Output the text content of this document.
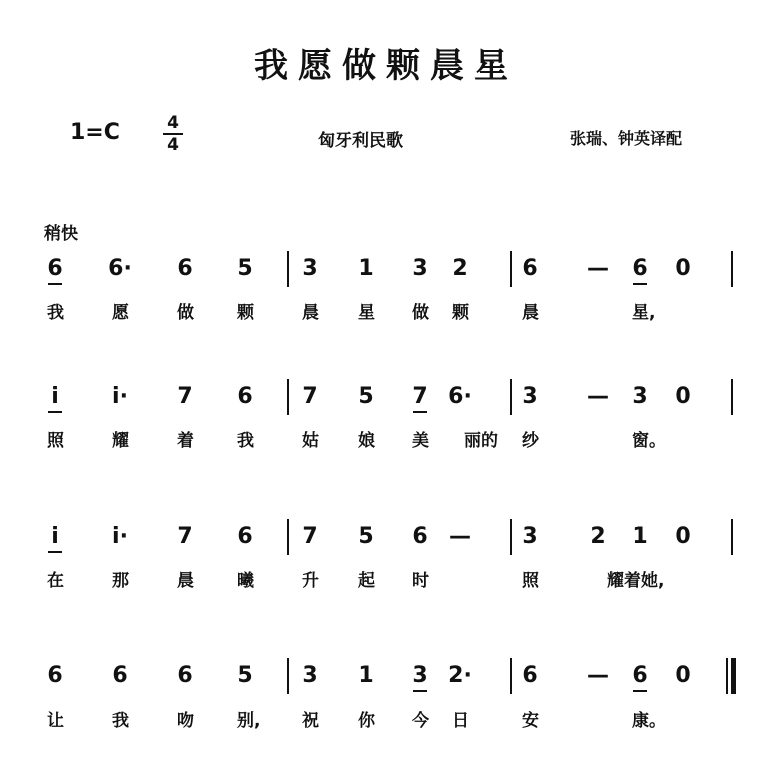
我愿做颗晨星
1=C	4
4	匈牙利民歌	张瑞、钟英译配
稍快
6	6·	6	5	3	1	3	2	6	—	6	0
我	愿	做	颗	晨	星	做	颗	晨	星,
i	i·	7	6	7	5	7 6·	3	—	3	0
照	耀	着	我	姑	娘	美	丽的	纱	窗。
i	i·	7	6	7	5	6 —	3	2	1	0
在	那	晨	曦	升	起	时	照	耀着她,
6	6	6	5	3	1	3 2·	6	—	6	0
让	我	吻	别,	祝	你	今	日	安	康。
